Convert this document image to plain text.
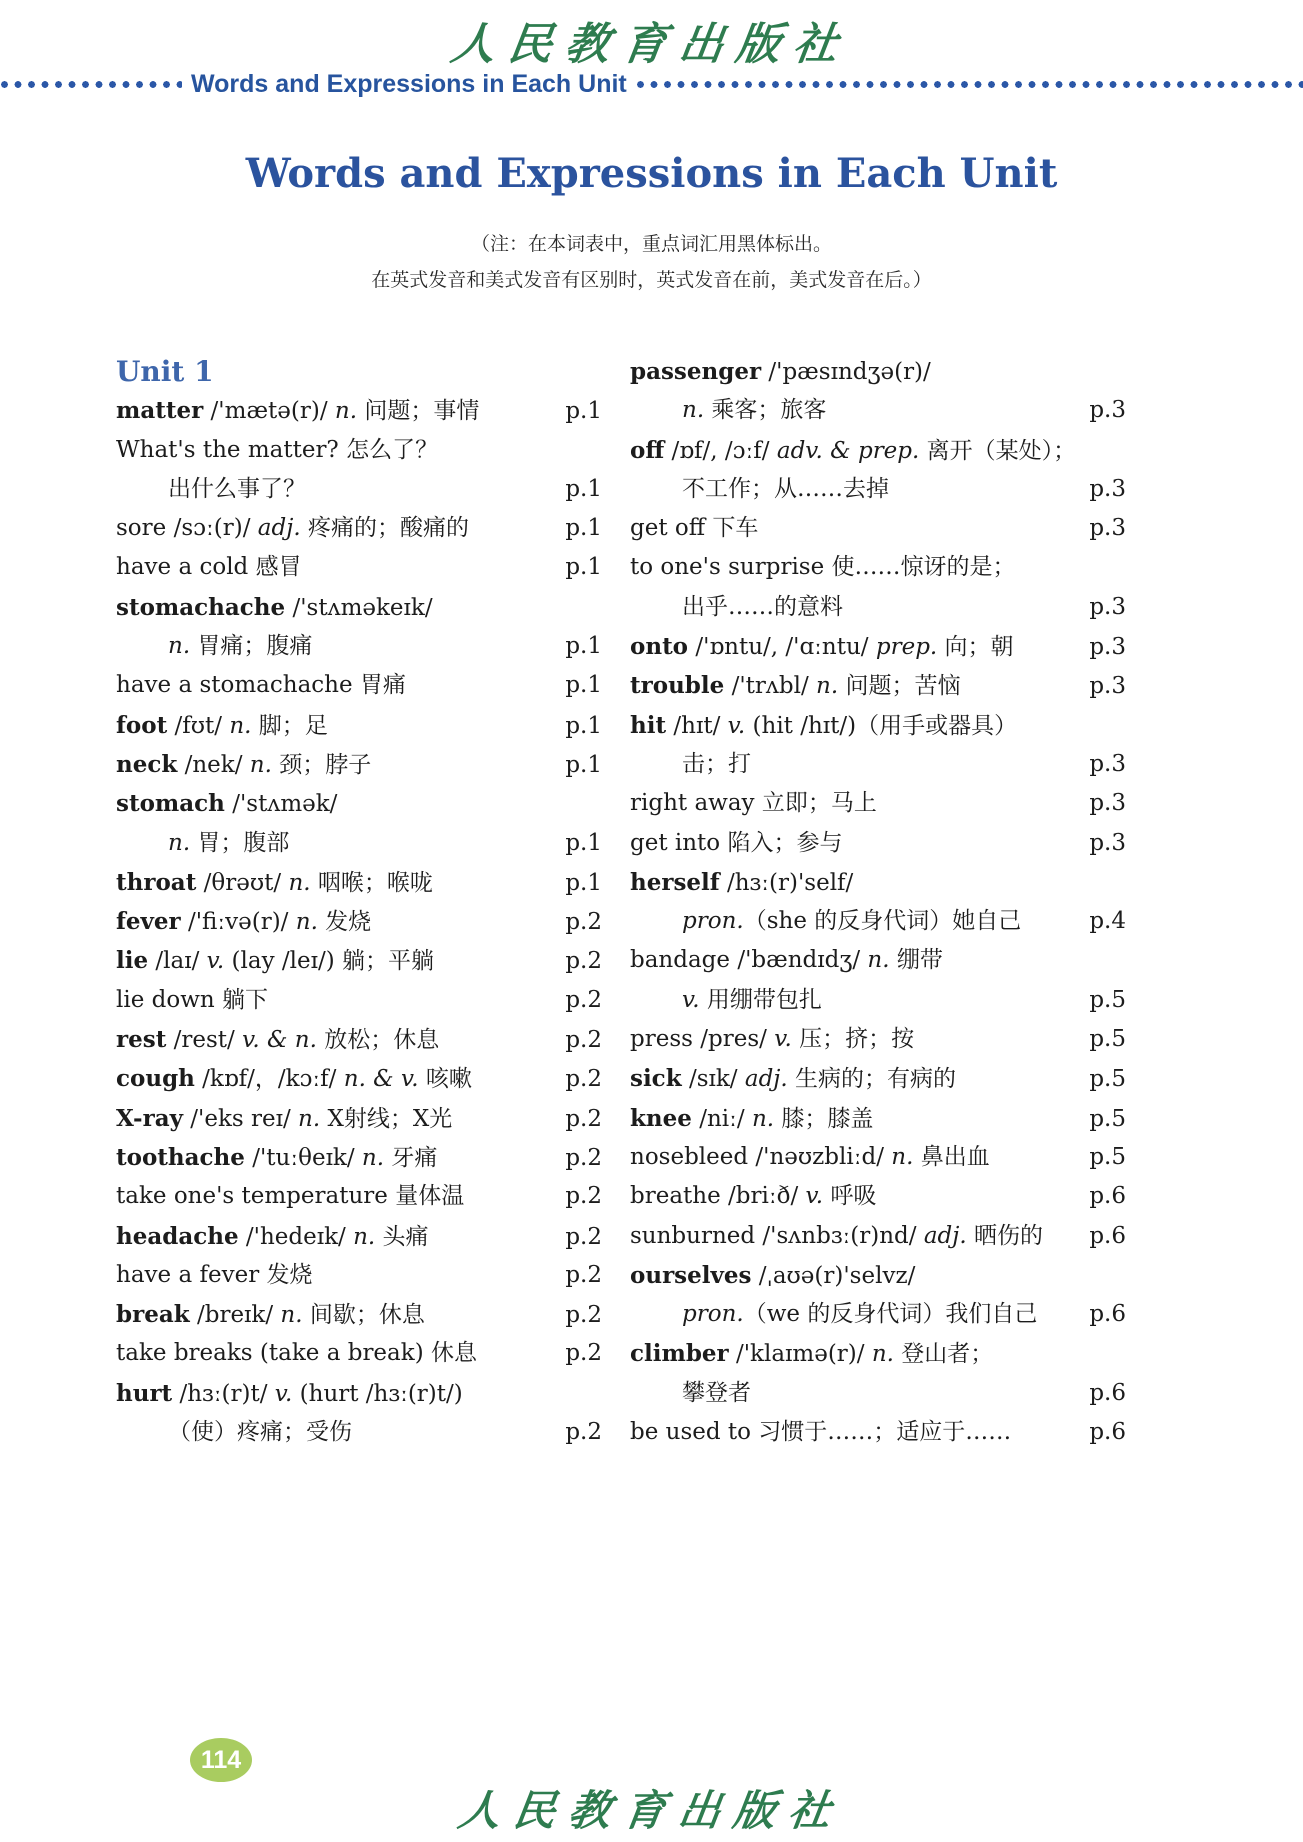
人民教育出版社
Words and Expressions in Each Unit
Words and Expressions in Each Unit
（注：在本词表中，重点词汇用黑体标出。
在英式发音和美式发音有区别时，英式发音在前，美式发音在后。）
Unit 1
matter /'mætə(r)/ n. 问题；事情	p.1
What's the matter? 怎么了？
出什么事了？	p.1
sore /sɔː(r)/ adj. 疼痛的；酸痛的	p.1
have a cold 感冒	p.1
stomachache /'stʌməkeɪk/
n. 胃痛；腹痛	p.1
have a stomachache 胃痛	p.1
foot /fʊt/ n. 脚；足	p.1
neck /nek/ n. 颈；脖子	p.1
stomach /'stʌmək/
n. 胃；腹部	p.1
throat /θrəʊt/ n. 咽喉；喉咙	p.1
fever /'fiːvə(r)/ n. 发烧	p.2
lie /laɪ/ v. (lay /leɪ/) 躺；平躺	p.2
lie down 躺下	p.2
rest /rest/ v. & n. 放松；休息	p.2
cough /kɒf/，/kɔːf/ n. & v. 咳嗽	p.2
X-ray /'eks reɪ/ n. X射线；X光	p.2
toothache /'tuːθeɪk/ n. 牙痛	p.2
take one's temperature 量体温	p.2
headache /'hedeɪk/ n. 头痛	p.2
have a fever 发烧	p.2
break /breɪk/ n. 间歇；休息	p.2
take breaks (take a break) 休息	p.2
hurt /hɜː(r)t/ v. (hurt /hɜː(r)t/)
（使）疼痛；受伤	p.2
passenger /'pæsɪndʒə(r)/
n. 乘客；旅客	p.3
off /ɒf/, /ɔːf/ adv. & prep. 离开（某处）；
不工作；从……去掉	p.3
get off 下车	p.3
to one's surprise 使……惊讶的是；
出乎……的意料	p.3
onto /'ɒntu/, /'ɑːntu/ prep. 向；朝	p.3
trouble /'trʌbl/ n. 问题；苦恼	p.3
hit /hɪt/ v. (hit /hɪt/)（用手或器具）
击；打	p.3
right away 立即；马上	p.3
get into 陷入；参与	p.3
herself /hɜː(r)'self/
pron.（she 的反身代词）她自己	p.4
bandage /'bændɪdʒ/ n. 绷带
v. 用绷带包扎	p.5
press /pres/ v. 压；挤；按	p.5
sick /sɪk/ adj. 生病的；有病的	p.5
knee /niː/ n. 膝；膝盖	p.5
nosebleed /'nəʊzbliːd/ n. 鼻出血	p.5
breathe /briːð/ v. 呼吸	p.6
sunburned /'sʌnbɜː(r)nd/ adj. 晒伤的	p.6
ourselves /ˌaʊə(r)'selvz/
pron.（we 的反身代词）我们自己	p.6
climber /'klaɪmə(r)/ n. 登山者；
攀登者	p.6
be used to 习惯于……；适应于……	p.6
114
人民教育出版社
